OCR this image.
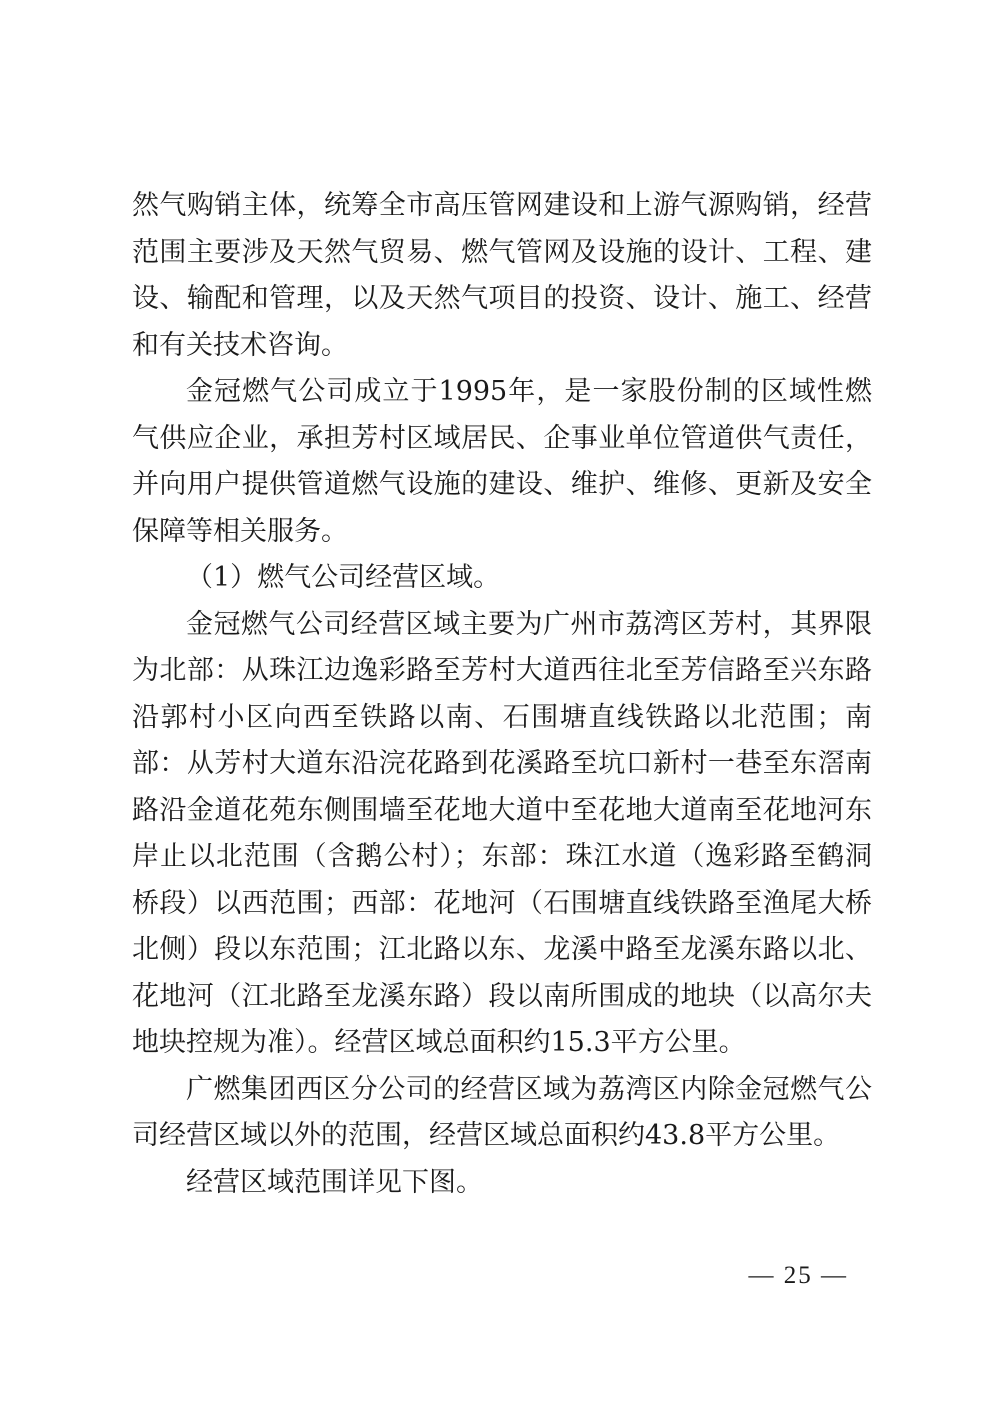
然气购销主体，统筹全市高压管网建设和上游气源购销，经营范围主要涉及天然气贸易、燃气管网及设施的设计、工程、建设、输配和管理，以及天然气项目的投资、设计、施工、经营和有关技术咨询。

金冠燃气公司成立于1995年，是一家股份制的区域性燃气供应企业，承担芳村区域居民、企事业单位管道供气责任，并向用户提供管道燃气设施的建设、维护、维修、更新及安全保障等相关服务。

（1）燃气公司经营区域。

金冠燃气公司经营区域主要为广州市荔湾区芳村，其界限为北部：从珠江边逸彩路至芳村大道西往北至芳信路至兴东路沿郭村小区向西至铁路以南、石围塘直线铁路以北范围；南部：从芳村大道东沿浣花路到花溪路至坑口新村一巷至东滘南路沿金道花苑东侧围墙至花地大道中至花地大道南至花地河东岸止以北范围（含鹅公村）；东部：珠江水道（逸彩路至鹤洞桥段）以西范围；西部：花地河（石围塘直线铁路至渔尾大桥北侧）段以东范围；江北路以东、龙溪中路至龙溪东路以北、花地河（江北路至龙溪东路）段以南所围成的地块（以高尔夫地块控规为准）。经营区域总面积约15.3平方公里。

广燃集团西区分公司的经营区域为荔湾区内除金冠燃气公司经营区域以外的范围，经营区域总面积约43.8平方公里。

经营区域范围详见下图。

— 25 —
